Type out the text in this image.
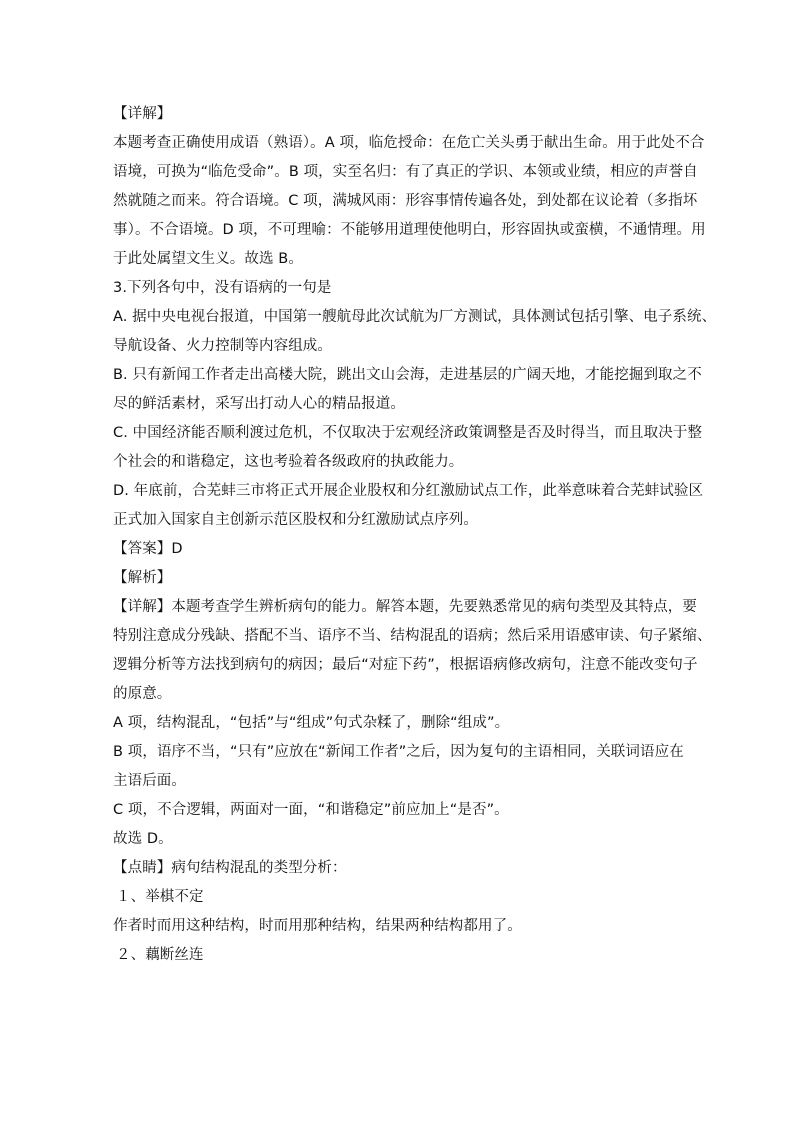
【详解】
本题考查正确使用成语（熟语）。A 项，临危授命：在危亡关头勇于献出生命。用于此处不合
语境，可换为“临危受命”。B 项，实至名归：有了真正的学识、本领或业绩，相应的声誉自
然就随之而来。符合语境。C 项，满城风雨：形容事情传遍各处，到处都在议论着（多指坏
事）。不合语境。D 项，不可理喻：不能够用道理使他明白，形容固执或蛮横，不通情理。用
于此处属望文生义。故选 B。
3.下列各句中，没有语病的一句是
A. 据中央电视台报道，中国第一艘航母此次试航为厂方测试，具体测试包括引擎、电子系统、
导航设备、火力控制等内容组成。
B. 只有新闻工作者走出高楼大院，跳出文山会海，走进基层的广阔天地，才能挖掘到取之不
尽的鲜活素材，采写出打动人心的精品报道。
C. 中国经济能否顺利渡过危机，不仅取决于宏观经济政策调整是否及时得当，而且取决于整
个社会的和谐稳定，这也考验着各级政府的执政能力。
D. 年底前，合芜蚌三市将正式开展企业股权和分红激励试点工作，此举意味着合芜蚌试验区
正式加入国家自主创新示范区股权和分红激励试点序列。
【答案】D
【解析】
【详解】本题考查学生辨析病句的能力。解答本题，先要熟悉常见的病句类型及其特点，要
特别注意成分残缺、搭配不当、语序不当、结构混乱的语病；然后采用语感审读、句子紧缩、
逻辑分析等方法找到病句的病因；最后“对症下药”，根据语病修改病句，注意不能改变句子
的原意。
A 项，结构混乱，“包括”与“组成”句式杂糅了，删除“组成”。
B 项，语序不当，“只有”应放在“新闻工作者”之后，因为复句的主语相同，关联词语应在
主语后面。
C 项，不合逻辑，两面对一面，“和谐稳定”前应加上“是否”。
故选 D。
【点睛】病句结构混乱的类型分析：
１、举棋不定
作者时而用这种结构，时而用那种结构，结果两种结构都用了。
２、藕断丝连
